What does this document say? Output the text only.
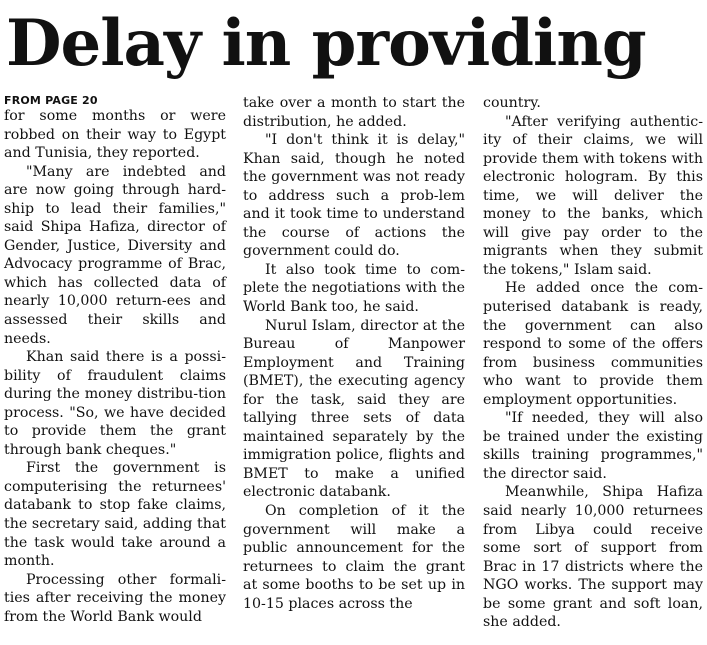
Delay in providing
FROM PAGE 20

for some months or were robbed on their way to Egypt and Tunisia, they reported.

"Many are indebted and are now going through hard-ship to lead their families," said Shipa Hafiza, director of Gender, Justice, Diversity and Advocacy programme of Brac, which has collected data of nearly 10,000 return-ees and assessed their skills and needs.

Khan said there is a possi-bility of fraudulent claims during the money distribu-tion process. "So, we have decided to provide them the grant through bank cheques."

First the government is computerising the returnees' databank to stop fake claims, the secretary said, adding that the task would take around a month.

Processing other formali-ties after receiving the money from the World Bank would

take over a month to start the distribution, he added.

"I don't think it is delay," Khan said, though he noted the government was not ready to address such a prob-lem and it took time to understand the course of actions the government could do.

It also took time to com-plete the negotiations with the World Bank too, he said.

Nurul Islam, director at the Bureau of Manpower Employment and Training (BMET), the executing agency for the task, said they are tallying three sets of data maintained separately by the immigration police, flights and BMET to make a unified electronic databank.

On completion of it the government will make a public announcement for the returnees to claim the grant at some booths to be set up in 10-15 places across the

country.

"After verifying authentic-ity of their claims, we will provide them with tokens with electronic hologram. By this time, we will deliver the money to the banks, which will give pay order to the migrants when they submit the tokens," Islam said.

He added once the com-puterised databank is ready, the government can also respond to some of the offers from business communities who want to provide them employment opportunities.

"If needed, they will also be trained under the existing skills training programmes," the director said.

Meanwhile, Shipa Hafiza said nearly 10,000 returnees from Libya could receive some sort of support from Brac in 17 districts where the NGO works. The support may be some grant and soft loan, she added.
